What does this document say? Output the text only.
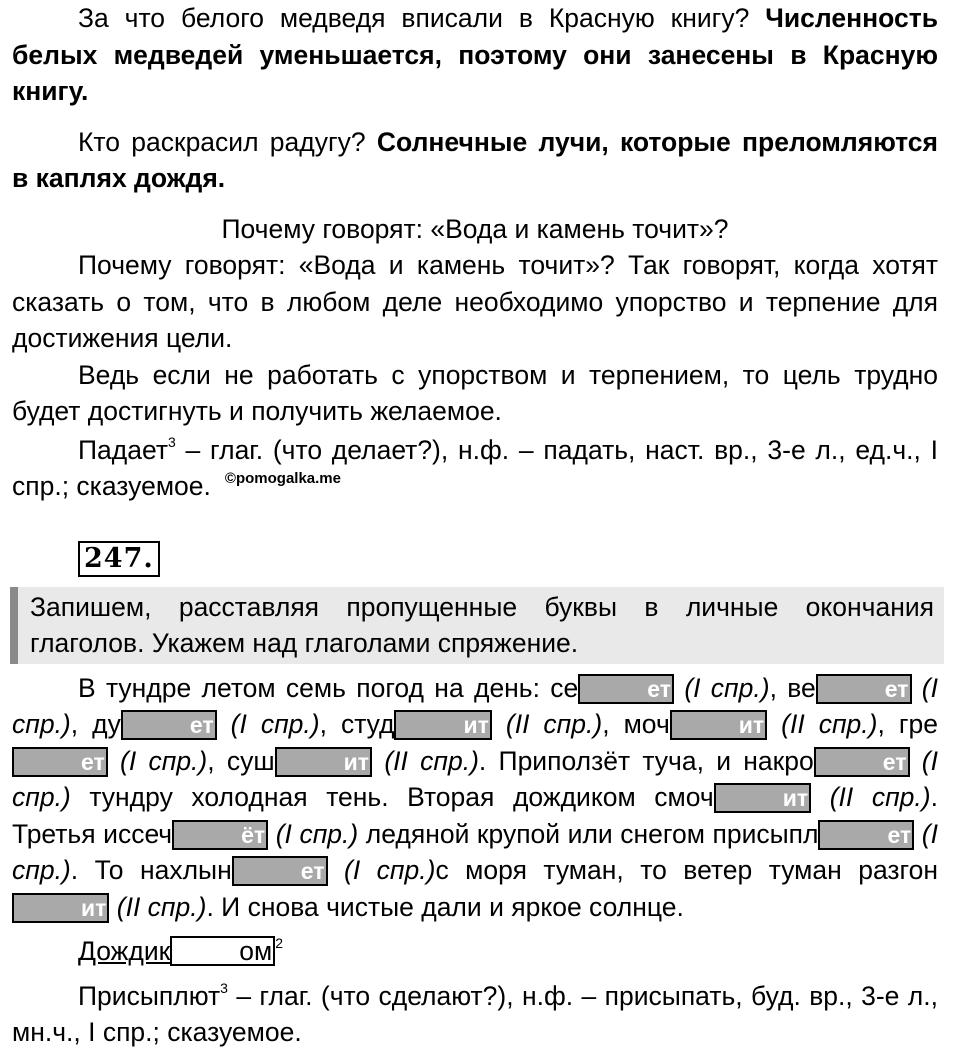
За что белого медведя вписали в Красную книгу? Численность белых медведей уменьшается, поэтому они занесены в Красную книгу.

Кто раскрасил радугу? Солнечные лучи, которые преломляются в каплях дождя.

Почему говорят: «Вода и камень точит»?

Почему говорят: «Вода и камень точит»? Так говорят, когда хотят сказать о том, что в любом деле необходимо упорство и терпение для достижения цели.

Ведь если не работать с упорством и терпением, то цель трудно будет достигнуть и получить желаемое.

Падает$^3$ – глаг. (что делает?), н.ф. – падать, наст. вр., 3-е л., ед.ч., I спр.; сказуемое. $^{©pomogalka.me}$

247.

Запишем, расставляя пропущенные буквы в личные окончания глаголов. Укажем над глаголами спряжение.

В тундре летом семь погод на день: се	ет (I спр.), ве	ет (I спр.), ду	ет (I спр.), студ	ит (II спр.), моч	ит (II спр.), греет (I спр.), суш	ит (II спр.). Приползёт туча, и накро	ет (I спр.) тундру холодная тень. Вторая дождиком смоч	ит (II спр.). Третья иссеч	ёт (I спр.) ледяной крупой или снегом присыпл	ет (I спр.). То нахлын	ет (I спр.)с моря туман, то ветер туман разгонит (II спр.). И снова чистые дали и яркое солнце.

Дождик	ом $^2$

Присыплют$^3$ – глаг. (что сделают?), н.ф. – присыпать, буд. вр., 3-е л., мн.ч., I спр.; сказуемое.
